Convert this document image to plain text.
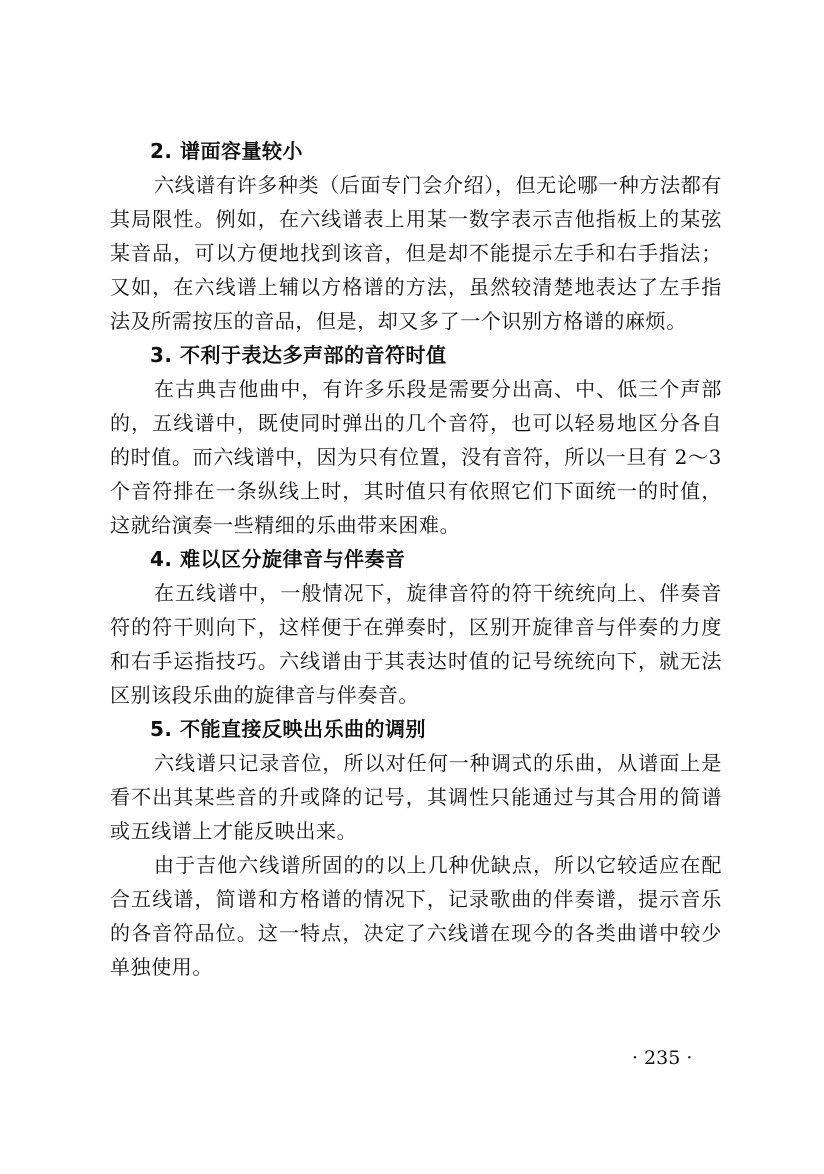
2. 谱面容量较小

六线谱有许多种类（后面专门会介绍），但无论哪一种方法都有其局限性。例如，在六线谱表上用某一数字表示吉他指板上的某弦某音品，可以方便地找到该音，但是却不能提示左手和右手指法；又如，在六线谱上辅以方格谱的方法，虽然较清楚地表达了左手指法及所需按压的音品，但是，却又多了一个识别方格谱的麻烦。

3. 不利于表达多声部的音符时值

在古典吉他曲中，有许多乐段是需要分出高、中、低三个声部的，五线谱中，既使同时弹出的几个音符，也可以轻易地区分各自的时值。而六线谱中，因为只有位置，没有音符，所以一旦有 2～3 个音符排在一条纵线上时，其时值只有依照它们下面统一的时值，这就给演奏一些精细的乐曲带来困难。

4. 难以区分旋律音与伴奏音

在五线谱中，一般情况下，旋律音符的符干统统向上、伴奏音符的符干则向下，这样便于在弹奏时，区别开旋律音与伴奏的力度和右手运指技巧。六线谱由于其表达时值的记号统统向下，就无法区别该段乐曲的旋律音与伴奏音。

5. 不能直接反映出乐曲的调别

六线谱只记录音位，所以对任何一种调式的乐曲，从谱面上是看不出其某些音的升或降的记号，其调性只能通过与其合用的简谱或五线谱上才能反映出来。

由于吉他六线谱所固的的以上几种优缺点，所以它较适应在配合五线谱，简谱和方格谱的情况下，记录歌曲的伴奏谱，提示音乐的各音符品位。这一特点，决定了六线谱在现今的各类曲谱中较少单独使用。

· 235 ·
